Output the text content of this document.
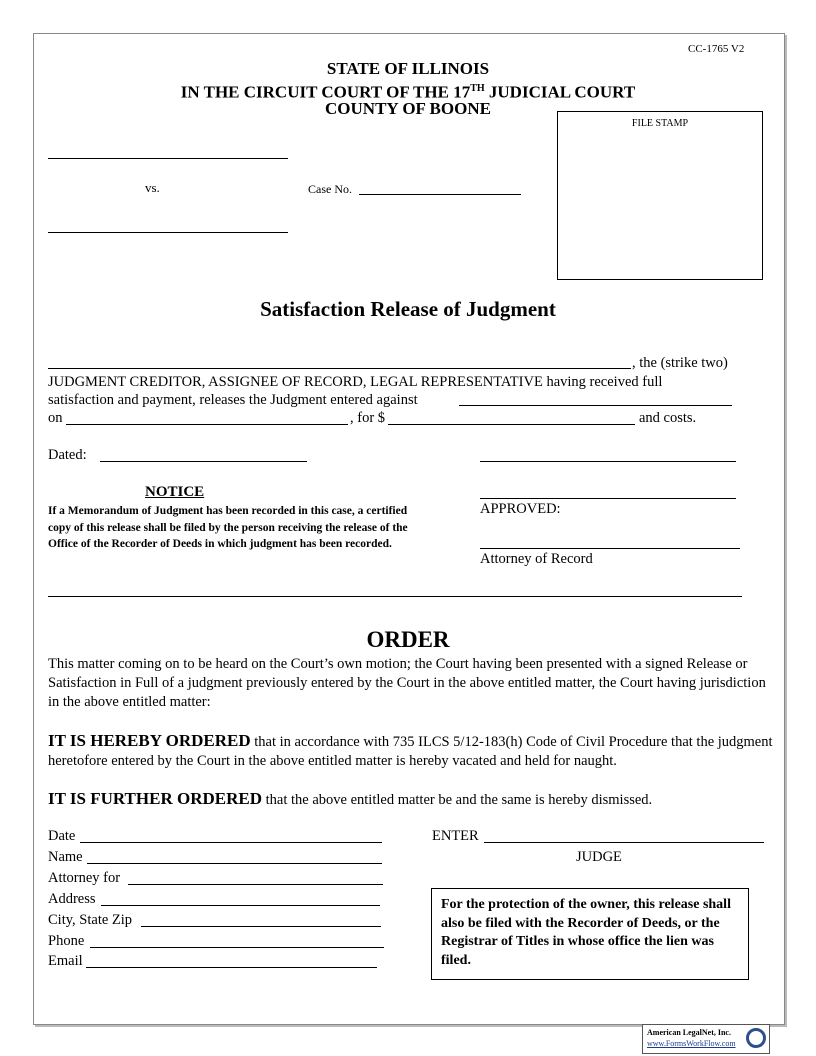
CC-1765 V2
STATE OF ILLINOIS
IN THE CIRCUIT COURT OF THE 17TH JUDICIAL COURT
COUNTY OF BOONE
vs.	Case No.
FILE STAMP
Satisfaction Release of Judgment
, the (strike two)
JUDGMENT CREDITOR, ASSIGNEE OF RECORD, LEGAL REPRESENTATIVE having received full
satisfaction and payment, releases the Judgment entered against
on	, for $	and costs.
Dated:
APPROVED:
Attorney of Record
NOTICE
If a Memorandum of Judgment has been recorded in this case, a certified copy of this release shall be filed by the person receiving the release of the Office of the Recorder of Deeds in which judgment has been recorded.
ORDER
This matter coming on to be heard on the Court’s own motion; the Court having been presented with a signed Release or Satisfaction in Full of a judgment previously entered by the Court in the above entitled matter, the Court having jurisdiction in the above entitled matter:
IT IS HEREBY ORDERED that in accordance with 735 ILCS 5/12-183(h) Code of Civil Procedure that the judgment heretofore entered by the Court in the above entitled matter is hereby vacated and held for naught.
IT IS FURTHER ORDERED that the above entitled matter be and the same is hereby dismissed.
Date
Name
Attorney for
Address
City, State Zip
Phone
Email
ENTER
JUDGE
For the protection of the owner, this release shall also be filed with the Recorder of Deeds, or the Registrar of Titles in whose office the lien was filed.
American LegalNet, Inc.
www.FormsWorkFlow.com
